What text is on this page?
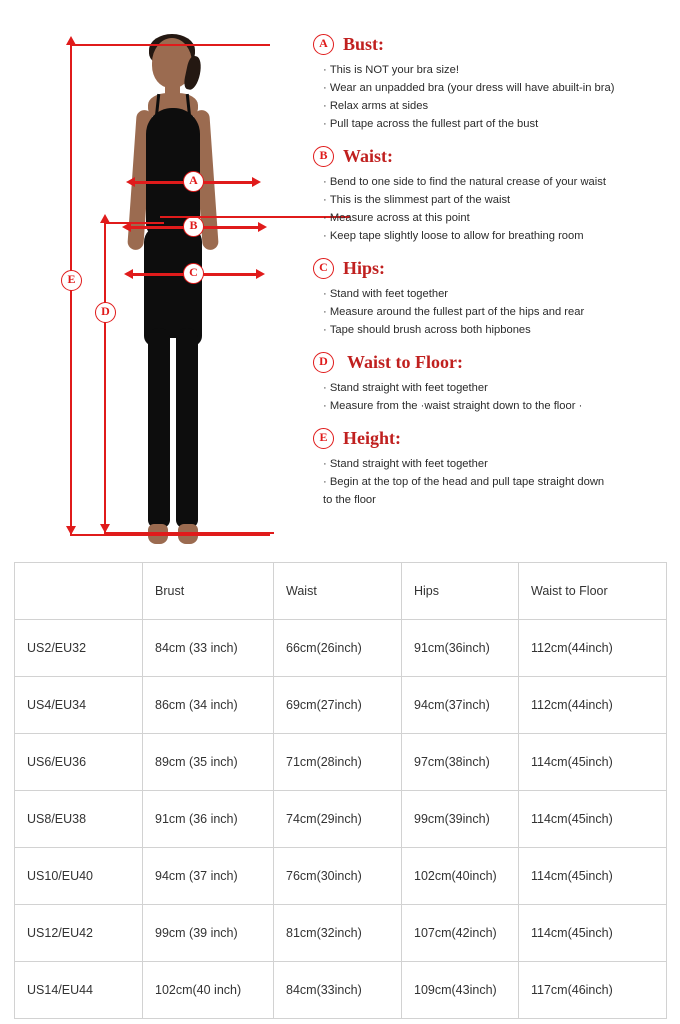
E
D
A
B
C
A Bust:
· This is NOT your bra size!
· Wear an unpadded bra (your dress will have abuilt-in bra)
· Relax arms at sides
· Pull tape across the fullest part of the bust
B Waist:
· Bend to one side to find the natural crease of your waist
· This is the slimmest part of the waist
· Measure across at this point
· Keep tape slightly loose to allow for breathing room
C Hips:
· Stand with feet together
· Measure around the fullest part of the hips and rear
· Tape should brush across both hipbones
D	Waist to Floor:
· Stand straight with feet together
· Measure from the ·waist straight down to the floor ·
E Height:
· Stand straight with feet together
· Begin at the top of the head and pull tape straight down to the floor
	Brust	Waist	Hips	Waist to Floor
US2/EU32	84cm (33 inch)	66cm(26inch)	91cm(36inch)	112cm(44inch)
US4/EU34	86cm (34 inch)	69cm(27inch)	94cm(37inch)	112cm(44inch)
US6/EU36	89cm (35 inch)	71cm(28inch)	97cm(38inch)	114cm(45inch)
US8/EU38	91cm (36 inch)	74cm(29inch)	99cm(39inch)	114cm(45inch)
US10/EU40	94cm (37 inch)	76cm(30inch)	102cm(40inch)	114cm(45inch)
US12/EU42	99cm (39 inch)	81cm(32inch)	107cm(42inch)	114cm(45inch)
US14/EU44	102cm(40 inch)	84cm(33inch)	109cm(43inch)	117cm(46inch)
